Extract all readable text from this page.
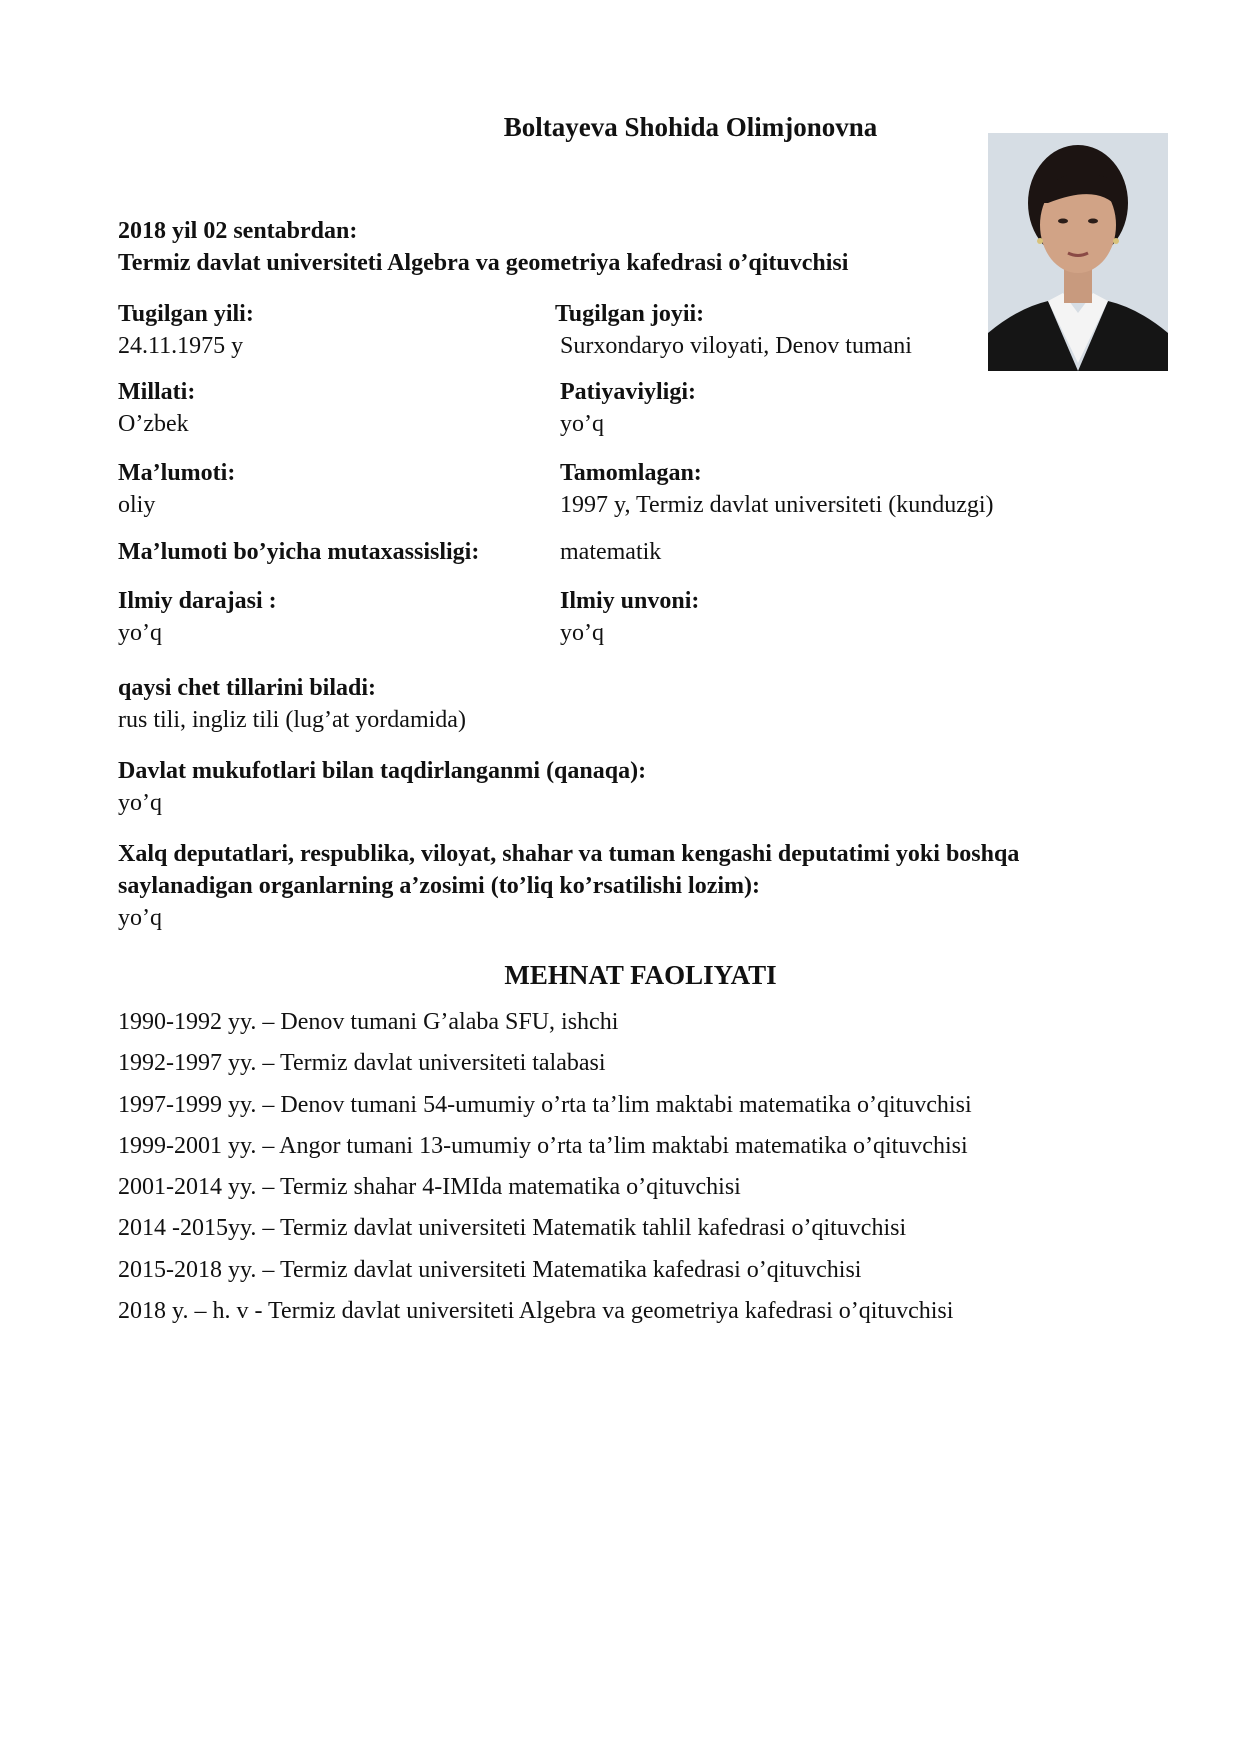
Boltayeva Shohida Olimjonovna
2018 yil 02 sentabrdan:
Termiz davlat universiteti Algebra va geometriya kafedrasi o’qituvchisi
Tugilgan yili:
24.11.1975 y
Tugilgan joyii:
Surxondaryo viloyati, Denov tumani
Millati:
O’zbek
Patiyaviyligi:
yo’q
Ma’lumoti:
oliy
Tamomlagan:
1997 y, Termiz davlat universiteti (kunduzgi)
Ma’lumoti bo’yicha mutaxassisligi:	matematik
Ilmiy darajasi :
yo’q
Ilmiy unvoni:
yo’q
qaysi chet tillarini biladi:
rus tili, ingliz tili (lug’at yordamida)
Davlat mukufotlari bilan taqdirlanganmi (qanaqa):
yo’q
Xalq deputatlari, respublika, viloyat, shahar va tuman kengashi deputatimi yoki boshqa
saylanadigan organlarning a’zosimi (to’liq ko’rsatilishi lozim):
yo’q
MEHNAT FAOLIYATI
1990-1992 yy. – Denov tumani G’alaba SFU, ishchi
1992-1997 yy. – Termiz davlat universiteti talabasi
1997-1999 yy. – Denov tumani 54-umumiy o’rta ta’lim maktabi matematika o’qituvchisi
1999-2001 yy. – Angor tumani 13-umumiy o’rta ta’lim maktabi matematika o’qituvchisi
2001-2014 yy. – Termiz shahar 4-IMIda matematika o’qituvchisi
2014 -2015yy. – Termiz davlat universiteti Matematik tahlil kafedrasi o’qituvchisi
2015-2018 yy. – Termiz davlat universiteti Matematika kafedrasi o’qituvchisi
2018 y. – h. v - Termiz davlat universiteti Algebra va geometriya kafedrasi o’qituvchisi
